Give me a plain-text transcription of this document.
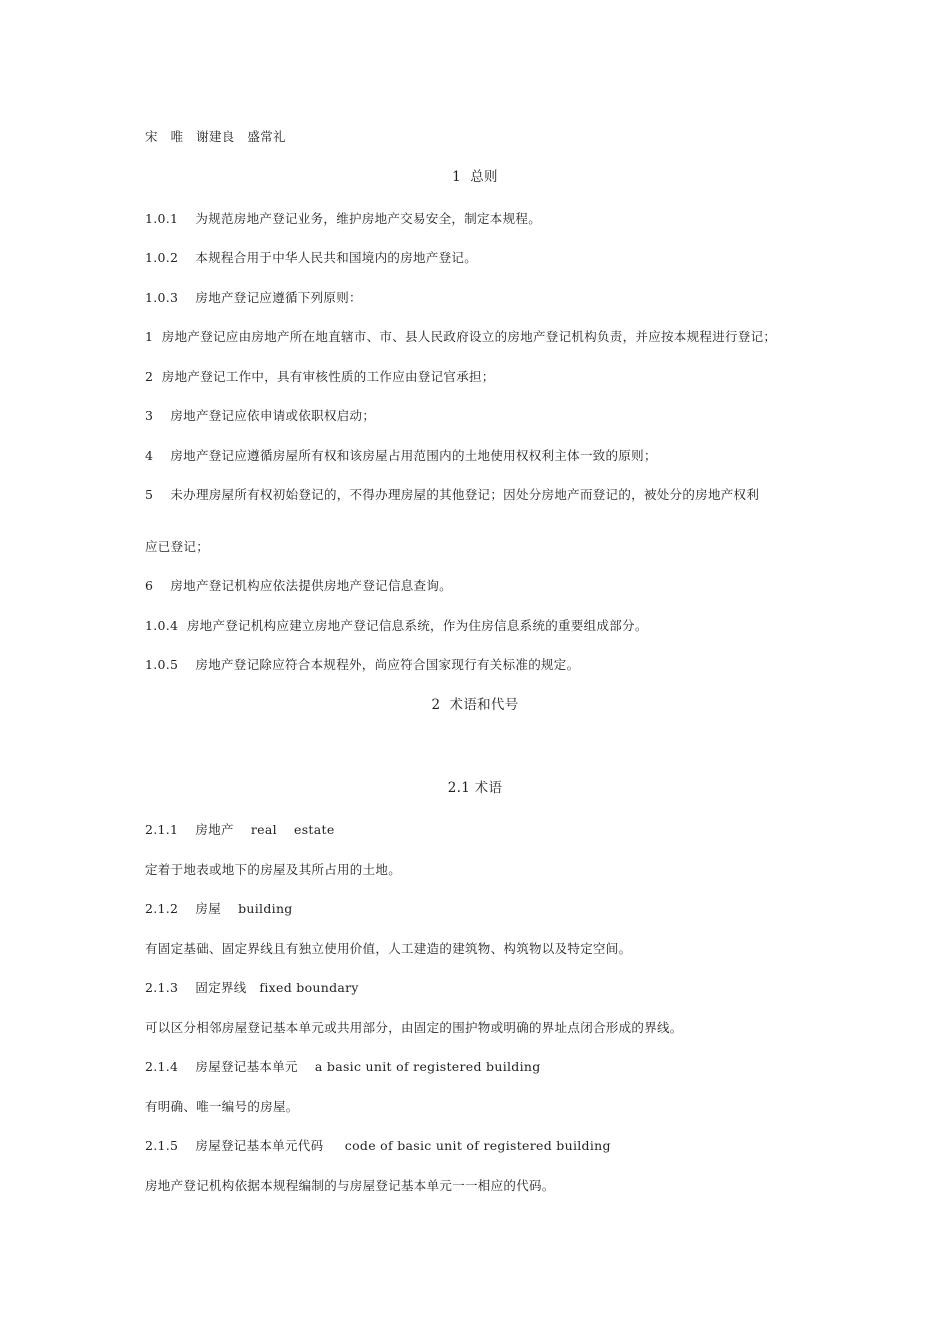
宋　唯　谢建良　盛常礼
1  总则
1.0.1    为规范房地产登记业务，维护房地产交易安全，制定本规程。
1.0.2    本规程合用于中华人民共和国境内的房地产登记。
1.0.3    房地产登记应遵循下列原则：
1  房地产登记应由房地产所在地直辖市、市、县人民政府设立的房地产登记机构负责，并应按本规程进行登记；
2  房地产登记工作中，具有审核性质的工作应由登记官承担；
3    房地产登记应依申请或依职权启动；
4    房地产登记应遵循房屋所有权和该房屋占用范围内的土地使用权权利主体一致的原则；
5    未办理房屋所有权初始登记的，不得办理房屋的其他登记；因处分房地产而登记的，被处分的房地产权利
应已登记；
6    房地产登记机构应依法提供房地产登记信息查询。
1.0.4  房地产登记机构应建立房地产登记信息系统，作为住房信息系统的重要组成部分。
1.0.5    房地产登记除应符合本规程外，尚应符合国家现行有关标准的规定。
2  术语和代号
2.1 术语
2.1.1    房地产    real    estate
定着于地表或地下的房屋及其所占用的土地。
2.1.2    房屋    building
有固定基础、固定界线且有独立使用价值，人工建造的建筑物、构筑物以及特定空间。
2.1.3    固定界线   fixed boundary
可以区分相邻房屋登记基本单元或共用部分，由固定的围护物或明确的界址点闭合形成的界线。
2.1.4    房屋登记基本单元    a basic unit of registered building
有明确、唯一编号的房屋。
2.1.5    房屋登记基本单元代码     code of basic unit of registered building
房地产登记机构依据本规程编制的与房屋登记基本单元一一相应的代码。
